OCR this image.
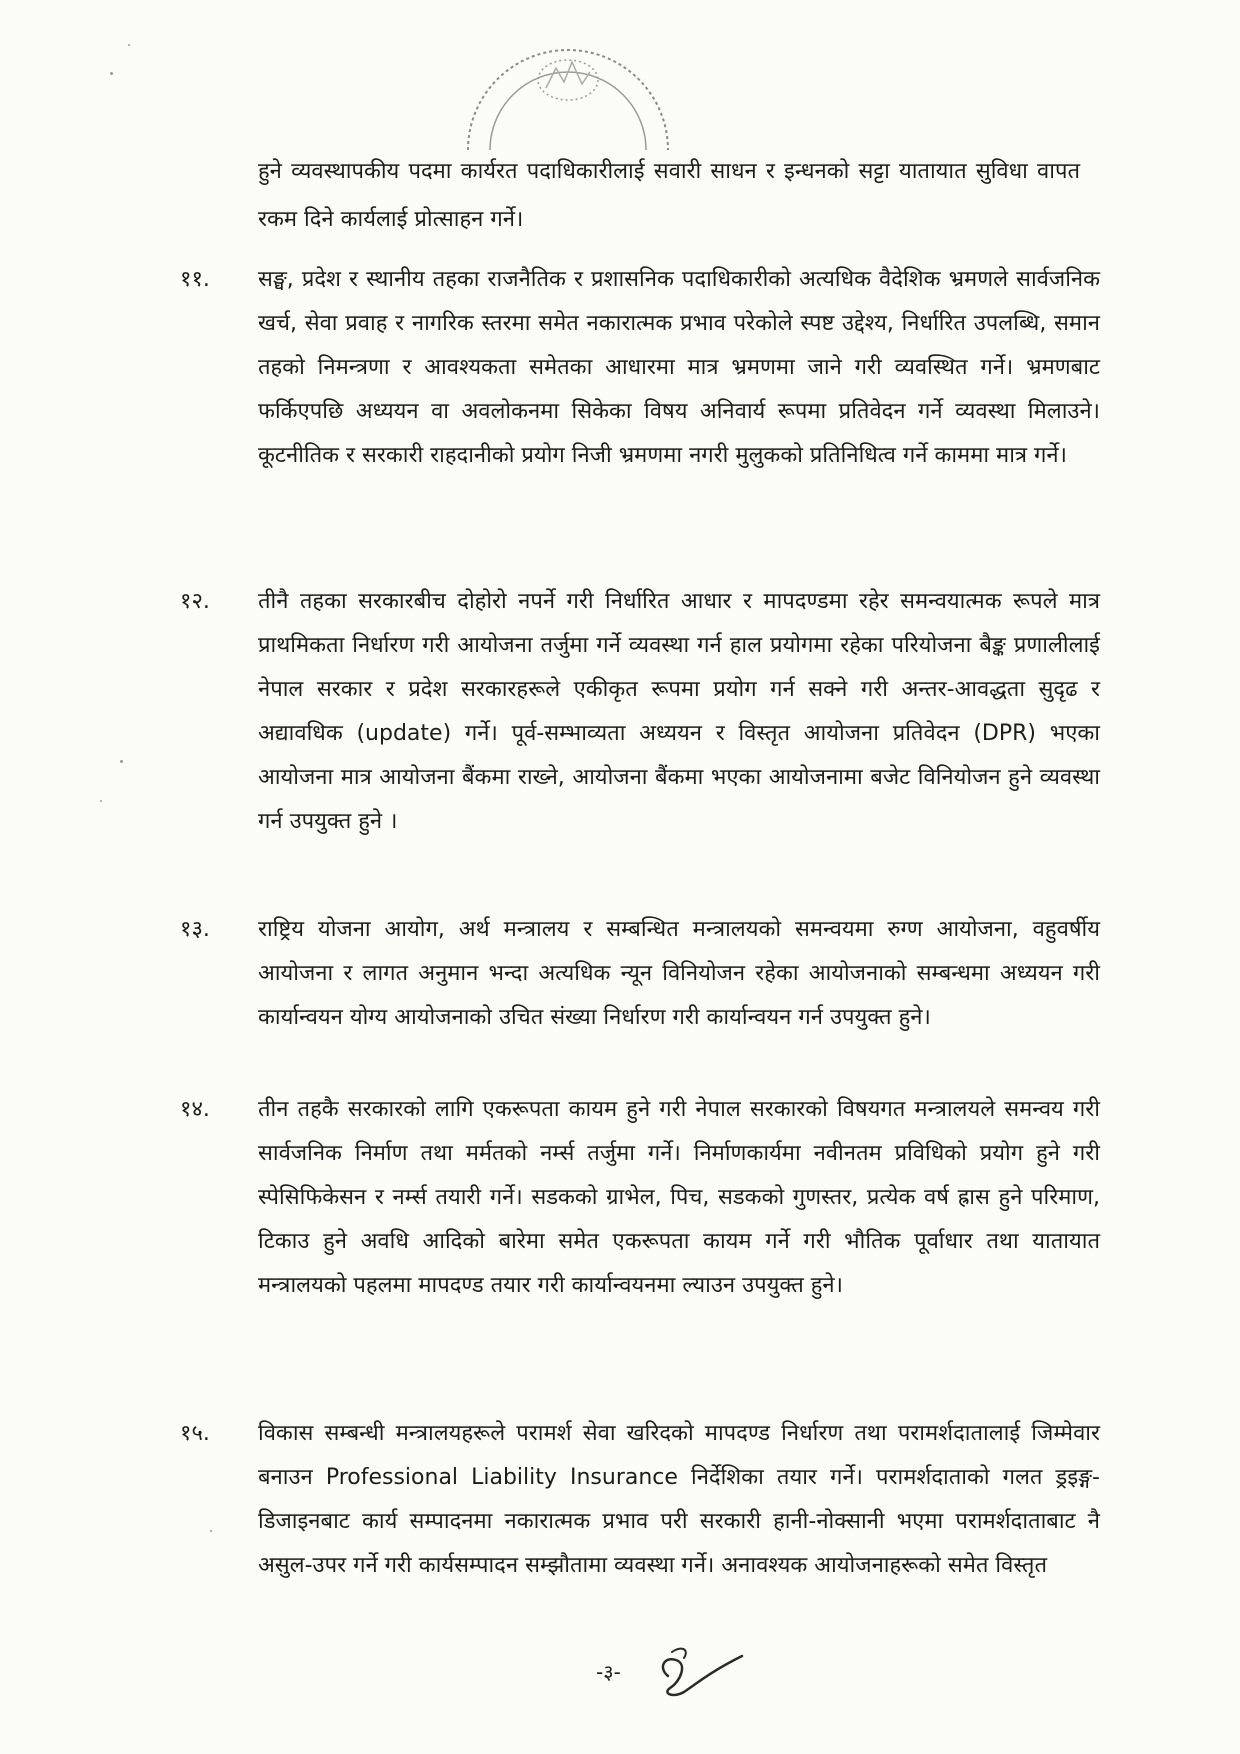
हुने व्यवस्थापकीय पदमा कार्यरत पदाधिकारीलाई सवारी साधन र इन्धनको सट्टा यातायात सुविधा वापत रकम दिने कार्यलाई प्रोत्साहन गर्ने।
११.	सङ्घ, प्रदेश र स्थानीय तहका राजनैतिक र प्रशासनिक पदाधिकारीको अत्यधिक वैदेशिक भ्रमणले सार्वजनिक खर्च, सेवा प्रवाह र नागरिक स्तरमा समेत नकारात्मक प्रभाव परेकोले स्पष्ट उद्देश्य, निर्धारित उपलब्धि, समान तहको निमन्त्रणा र आवश्यकता समेतका आधारमा मात्र भ्रमणमा जाने गरी व्यवस्थित गर्ने। भ्रमणबाट फर्किएपछि अध्ययन वा अवलोकनमा सिकेका विषय अनिवार्य रूपमा प्रतिवेदन गर्ने व्यवस्था मिलाउने। कूटनीतिक र सरकारी राहदानीको प्रयोग निजी भ्रमणमा नगरी मुलुकको प्रतिनिधित्व गर्ने काममा मात्र गर्ने।
१२.	तीनै तहका सरकारबीच दोहोरो नपर्ने गरी निर्धारित आधार र मापदण्डमा रहेर समन्वयात्मक रूपले मात्र प्राथमिकता निर्धारण गरी आयोजना तर्जुमा गर्ने व्यवस्था गर्न हाल प्रयोगमा रहेका परियोजना बैङ्क प्रणालीलाई नेपाल सरकार र प्रदेश सरकारहरूले एकीकृत रूपमा प्रयोग गर्न सक्ने गरी अन्तर-आवद्धता सुदृढ र अद्यावधिक (update) गर्ने। पूर्व-सम्भाव्यता अध्ययन र विस्तृत आयोजना प्रतिवेदन (DPR) भएका आयोजना मात्र आयोजना बैंकमा राख्ने, आयोजना बैंकमा भएका आयोजनामा बजेट विनियोजन हुने व्यवस्था गर्न उपयुक्त हुने ।
१३.	राष्ट्रिय योजना आयोग, अर्थ मन्त्रालय र सम्बन्धित मन्त्रालयको समन्वयमा रुग्ण आयोजना, वहुवर्षीय आयोजना र लागत अनुमान भन्दा अत्यधिक न्यून विनियोजन रहेका आयोजनाको सम्बन्धमा अध्ययन गरी कार्यान्वयन योग्य आयोजनाको उचित संख्या निर्धारण गरी कार्यान्वयन गर्न उपयुक्त हुने।
१४.	तीन तहकै सरकारको लागि एकरूपता कायम हुने गरी नेपाल सरकारको विषयगत मन्त्रालयले समन्वय गरी सार्वजनिक निर्माण तथा मर्मतको नर्म्स तर्जुमा गर्ने। निर्माणकार्यमा नवीनतम प्रविधिको प्रयोग हुने गरी स्पेसिफिकेसन र नर्म्स तयारी गर्ने। सडकको ग्राभेल, पिच, सडकको गुणस्तर, प्रत्येक वर्ष ह्रास हुने परिमाण, टिकाउ हुने अवधि आदिको बारेमा समेत एकरूपता कायम गर्ने गरी भौतिक पूर्वाधार तथा यातायात मन्त्रालयको पहलमा मापदण्ड तयार गरी कार्यान्वयनमा ल्याउन उपयुक्त हुने।
१५.	विकास सम्बन्धी मन्त्रालयहरूले परामर्श सेवा खरिदको मापदण्ड निर्धारण तथा परामर्शदातालाई जिम्मेवार बनाउन Professional Liability Insurance निर्देशिका तयार गर्ने। परामर्शदाताको गलत ड्रइङ्ग-डिजाइनबाट कार्य सम्पादनमा नकारात्मक प्रभाव परी सरकारी हानी-नोक्सानी भएमा परामर्शदाताबाट नै असुल-उपर गर्ने गरी कार्यसम्पादन सम्झौतामा व्यवस्था गर्ने। अनावश्यक आयोजनाहरूको समेत विस्तृत
-३-
